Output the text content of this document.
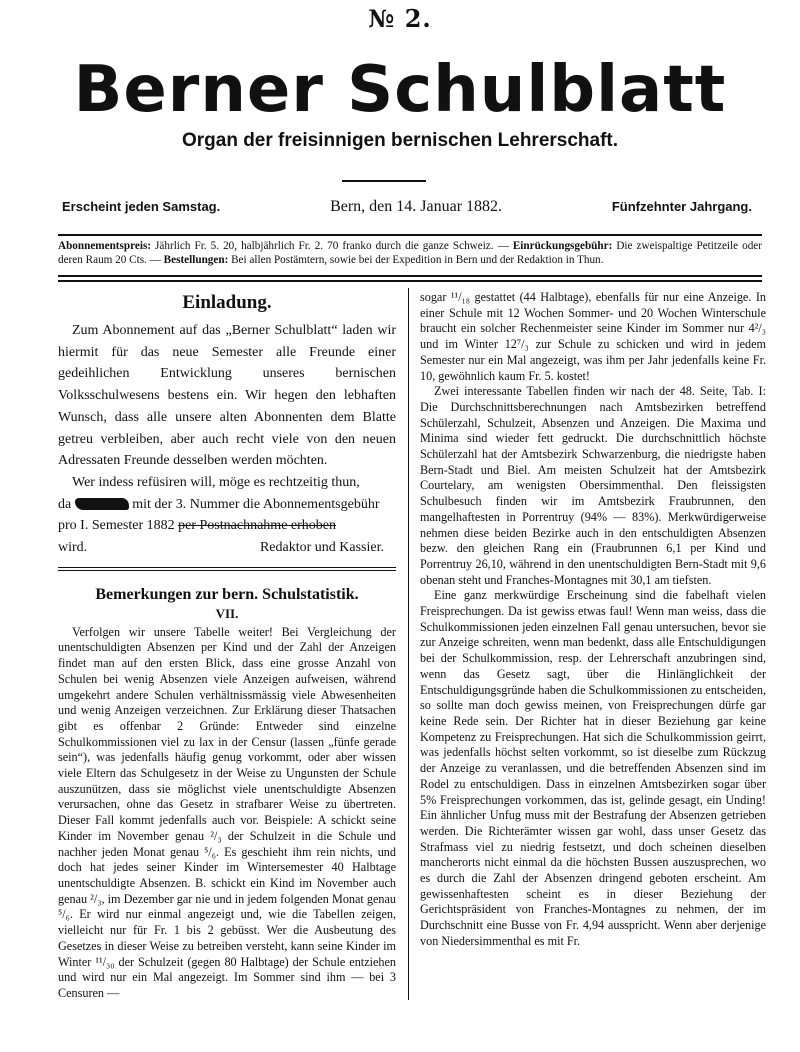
№ 2.
Berner Schulblatt
Organ der freisinnigen bernischen Lehrerschaft.
Erscheint jeden Samstag.	Bern, den 14. Januar 1882.	Fünfzehnter Jahrgang.
Abonnementspreis: Jährlich Fr. 5. 20, halbjährlich Fr. 2. 70 franko durch die ganze Schweiz. — Einrückungsgebühr: Die zweispaltige Petitzeile oder deren Raum 20 Cts. — Bestellungen: Bei allen Postämtern, sowie bei der Expedition in Bern und der Redaktion in Thun.
Einladung.

Zum Abonnement auf das „Berner Schulblatt“ laden wir hiermit für das neue Semester alle Freunde einer gedeihlichen Entwicklung unseres bernischen Volksschulwesens bestens ein. Wir hegen den lebhaften Wunsch, dass alle unsere alten Abonnenten dem Blatte getreu verbleiben, aber auch recht viele von den neuen Adressaten Freunde desselben werden möchten.

Wer indess refüsiren will, möge es rechtzeitig thun,

da	mit der 3. Nummer die Abonnementsgebühr

pro I. Semester 1882 per Postnachnahme erhoben

wird.	Redaktor und Kassier.

Bemerkungen zur bern. Schulstatistik.
VII.

Verfolgen wir unsere Tabelle weiter! Bei Vergleichung der unentschuldigten Absenzen per Kind und der Zahl der Anzeigen findet man auf den ersten Blick, dass eine grosse Anzahl von Schulen bei wenig Absenzen viele Anzeigen aufweisen, während umgekehrt andere Schulen verhältnissmässig viele Abwesenheiten und wenig Anzeigen verzeichnen. Zur Erklärung dieser Thatsachen gibt es offenbar 2 Gründe: Entweder sind einzelne Schulkommissionen viel zu lax in der Censur (lassen „fünfe gerade sein“), was jedenfalls häufig genug vorkommt, oder aber wissen viele Eltern das Schulgesetz in der Weise zu Ungunsten der Schule auszunützen, dass sie möglichst viele unentschuldigte Absenzen verursachen, ohne das Gesetz in strafbarer Weise zu übertreten. Dieser Fall kommt jedenfalls auch vor. Beispiele: A schickt seine Kinder im November genau ²/₃ der Schulzeit in die Schule und nachher jeden Monat genau ⁵/₆. Es geschieht ihm rein nichts, und doch hat jedes seiner Kinder im Wintersemester 40 Halbtage unentschuldigte Absenzen. B. schickt ein Kind im November auch genau ²/₃, im Dezember gar nie und in jedem folgenden Monat genau ⁵/₆. Er wird nur einmal angezeigt und, wie die Tabellen zeigen, vielleicht nur für Fr. 1 bis 2 gebüsst. Wer die Ausbeutung des Gesetzes in dieser Weise zu betreiben versteht, kann seine Kinder im Winter ¹¹/₃₀ der Schulzeit (gegen 80 Halbtage) der Schule entziehen und wird nur ein Mal angezeigt. Im Sommer sind ihm — bei 3 Censuren —

sogar ¹¹/₁₈ gestattet (44 Halbtage), ebenfalls für nur eine Anzeige. In einer Schule mit 12 Wochen Sommer- und 20 Wochen Winterschule braucht ein solcher Rechenmeister seine Kinder im Sommer nur 4²/₃ und im Winter 12⁷/₃ zur Schule zu schicken und wird in jedem Semester nur ein Mal angezeigt, was ihm per Jahr jedenfalls keine Fr. 10, gewöhnlich kaum Fr. 5. kostet!

Zwei interessante Tabellen finden wir nach der 48. Seite, Tab. I: Die Durchschnittsberechnungen nach Amtsbezirken betreffend Schülerzahl, Schulzeit, Absenzen und Anzeigen. Die Maxima und Minima sind wieder fett gedruckt. Die durchschnittlich höchste Schülerzahl hat der Amtsbezirk Schwarzenburg, die niedrigste haben Bern-Stadt und Biel. Am meisten Schulzeit hat der Amtsbezirk Courtelary, am wenigsten Obersimmenthal. Den fleissigsten Schulbesuch finden wir im Amtsbezirk Fraubrunnen, den mangelhaftesten in Porrentruy (94% — 83%). Merkwürdigerweise nehmen diese beiden Bezirke auch in den entschuldigten Absenzen bezw. den gleichen Rang ein (Fraubrunnen 6,1 per Kind und Porrentruy 26,10, während in den unentschuldigten Bern-Stadt mit 9,6 obenan steht und Franches-Montagnes mit 30,1 am tiefsten.

Eine ganz merkwürdige Erscheinung sind die fabelhaft vielen Freisprechungen. Da ist gewiss etwas faul! Wenn man weiss, dass die Schulkommissionen jeden einzelnen Fall genau untersuchen, bevor sie zur Anzeige schreiten, wenn man bedenkt, dass alle Entschuldigungen bei der Schulkommission, resp. der Lehrerschaft anzubringen sind, wenn das Gesetz sagt, über die Hinlänglichkeit der Entschuldigungsgründe haben die Schulkommissionen zu entscheiden, so sollte man doch gewiss meinen, von Freisprechungen dürfe gar keine Rede sein. Der Richter hat in dieser Beziehung gar keine Kompetenz zu Freisprechungen. Hat sich die Schulkommission geirrt, was jedenfalls höchst selten vorkommt, so ist dieselbe zum Rückzug der Anzeige zu veranlassen, und die betreffenden Absenzen sind im Rodel zu entschuldigen. Dass in einzelnen Amtsbezirken sogar über 5% Freisprechungen vorkommen, das ist, gelinde gesagt, ein Unding! Ein ähnlicher Unfug muss mit der Bestrafung der Absenzen getrieben werden. Die Richterämter wissen gar wohl, dass unser Gesetz das Strafmass viel zu niedrig festsetzt, und doch scheinen dieselben mancherorts nicht einmal da die höchsten Bussen auszusprechen, wo es durch die Zahl der Absenzen dringend geboten erscheint. Am gewissenhaftesten scheint es in dieser Beziehung der Gerichtspräsident von Franches-Montagnes zu nehmen, der im Durchschnitt eine Busse von Fr. 4,94 ausspricht. Wenn aber derjenige von Niedersimmenthal es mit Fr.
